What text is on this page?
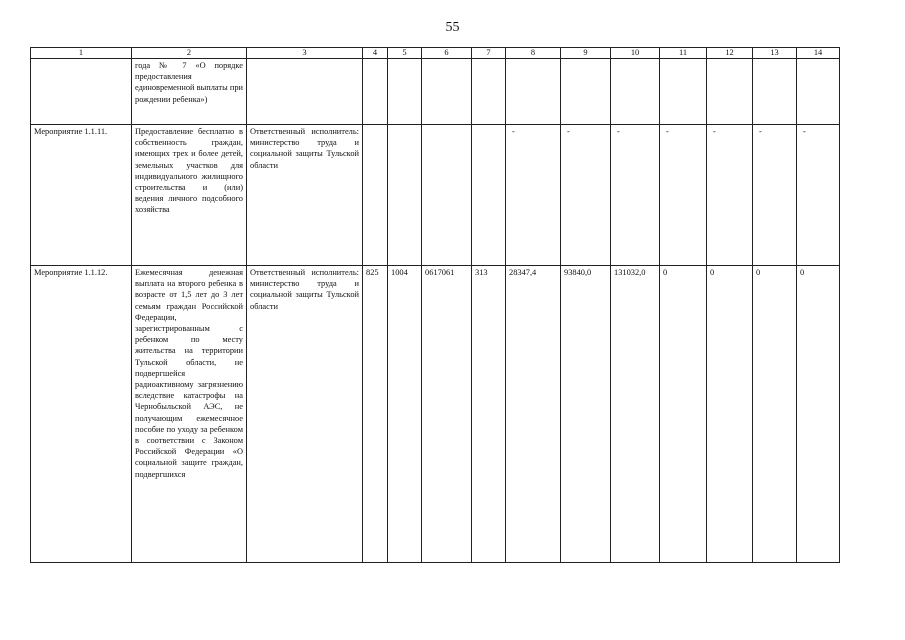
55
1	2	3	4	5	6	7	8	9	10	11	12	13	14
	года № 7 «О порядке предоставления единовременной выплаты при рождении ребенка»)												
Мероприятие 1.1.11.	Предоставление бесплатно в собственность граждан, имеющих трех и более детей, земельных участков для индивидуального жилищного строительства и (или) ведения личного подсобного хозяйства	Ответственный исполнитель: министерство труда и социальной защиты Тульской области					-	-	-	-	-	-	-
Мероприятие 1.1.12.	Ежемесячная денежная выплата на второго ребенка в возрасте от 1,5 лет до 3 лет семьям граждан Российской Федерации, зарегистрированным с ребенком по месту жительства на территории Тульской области, не подвергшейся радиоактивному загрязнению вследствие катастрофы на Чернобыльской АЭС, не получающим ежемесячное пособие по уходу за ребенком в соответствии с Законом Российской Федерации «О социальной защите граждан, подвергшихся	Ответственный исполнитель: министерство труда и социальной защиты Тульской области	825	1004	0617061	313	28347,4	93840,0	131032,0	0	0	0	0
